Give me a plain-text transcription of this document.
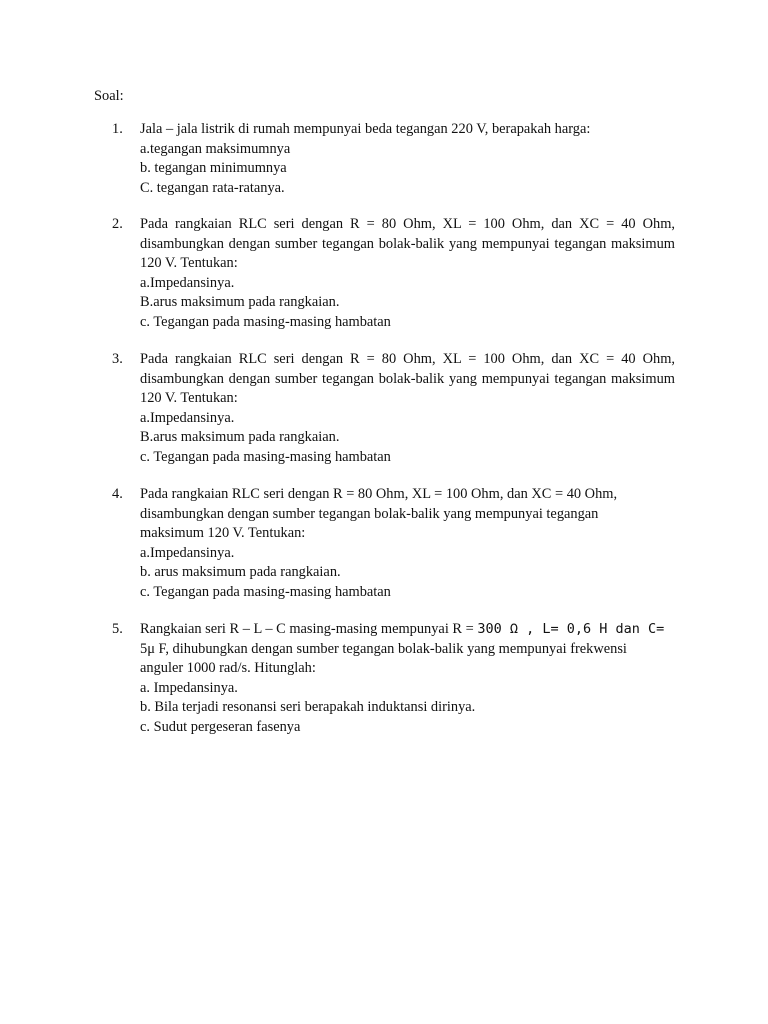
Soal:
1.	Jala – jala listrik di rumah mempunyai beda tegangan 220 V, berapakah harga:

a.tegangan maksimumnya

b. tegangan minimumnya

C. tegangan rata-ratanya.

2.	Pada rangkaian RLC seri dengan R = 80 Ohm, XL = 100 Ohm, dan XC = 40 Ohm, disambungkan dengan sumber tegangan bolak-balik yang mempunyai tegangan maksimum 120 V. Tentukan:

a.Impedansinya.

B.arus maksimum pada rangkaian.

c. Tegangan pada masing-masing hambatan

3.	Pada rangkaian RLC seri dengan R = 80 Ohm, XL = 100 Ohm, dan XC = 40 Ohm, disambungkan dengan sumber tegangan bolak-balik yang mempunyai tegangan maksimum 120 V. Tentukan:

a.Impedansinya.

B.arus maksimum pada rangkaian.

c. Tegangan pada masing-masing hambatan

4.	Pada rangkaian RLC seri dengan R = 80 Ohm, XL = 100 Ohm, dan XC = 40 Ohm,

disambungkan dengan sumber tegangan bolak-balik yang mempunyai tegangan

maksimum 120 V. Tentukan:

a.Impedansinya.

b. arus maksimum pada rangkaian.

c. Tegangan pada masing-masing hambatan

5.	Rangkaian seri R – L – C masing-masing mempunyai R = 300 Ω , L= 0,6 H dan C=

5μ F, dihubungkan dengan sumber tegangan bolak-balik yang mempunyai frekwensi

anguler 1000 rad/s. Hitunglah:

a. Impedansinya.

b. Bila terjadi resonansi seri berapakah induktansi dirinya.

c. Sudut pergeseran fasenya
